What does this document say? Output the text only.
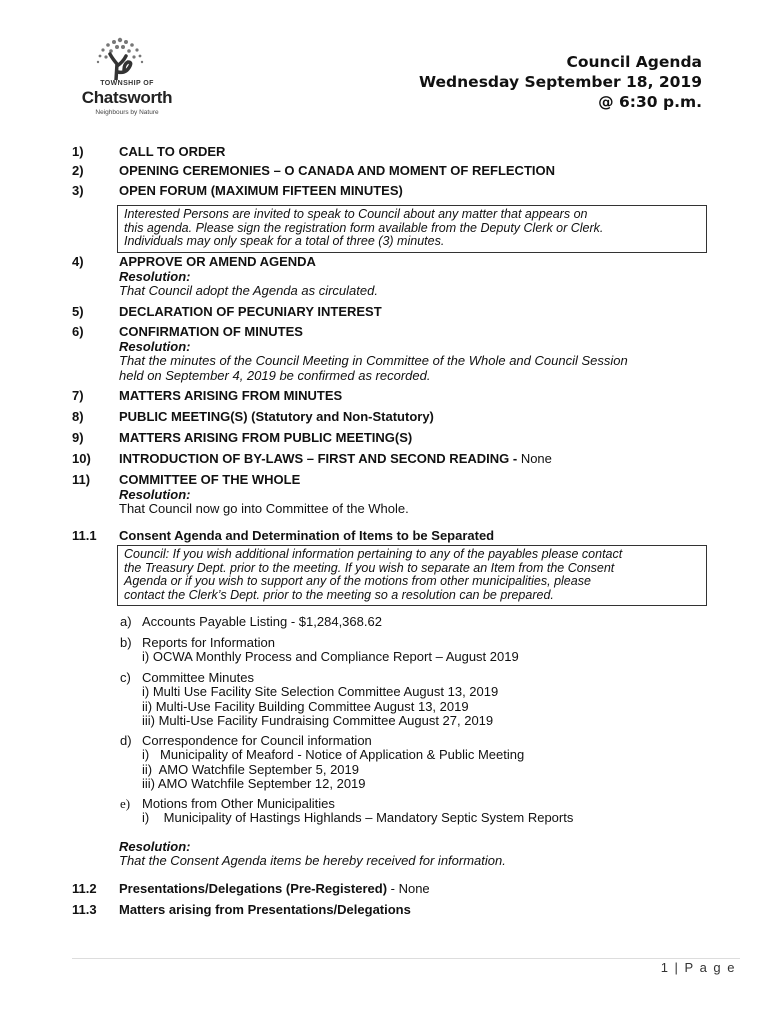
TOWNSHIP OF
Chatsworth
Neighbours by Nature
Council Agenda
Wednesday September 18, 2019
@ 6:30 p.m.
1)	CALL TO ORDER
2)	OPENING CEREMONIES – O CANADA AND MOMENT OF REFLECTION
3)	OPEN FORUM (MAXIMUM FIFTEEN MINUTES)
Interested Persons are invited to speak to Council about any matter that appears on
this agenda. Please sign the registration form available from the Deputy Clerk or Clerk.
Individuals may only speak for a total of three (3) minutes.
4)	APPROVE OR AMEND AGENDA
Resolution:
That Council adopt the Agenda as circulated.
5)	DECLARATION OF PECUNIARY INTEREST
6)	CONFIRMATION OF MINUTES
Resolution:
That the minutes of the Council Meeting in Committee of the Whole and Council Session
held on September 4, 2019 be confirmed as recorded.
7)	MATTERS ARISING FROM MINUTES
8)	PUBLIC MEETING(S) (Statutory and Non-Statutory)
9)	MATTERS ARISING FROM PUBLIC MEETING(S)
10) INTRODUCTION OF BY-LAWS – FIRST AND SECOND READING - None
11) COMMITTEE OF THE WHOLE
Resolution:
That Council now go into Committee of the Whole.
11.1 Consent Agenda and Determination of Items to be Separated
Council: If you wish additional information pertaining to any of the payables please contact
the Treasury Dept. prior to the meeting. If you wish to separate an Item from the Consent
Agenda or if you wish to support any of the motions from other municipalities, please
contact the Clerk’s Dept. prior to the meeting so a resolution can be prepared.
a) Accounts Payable Listing - $1,284,368.62
b) Reports for Information
i) OCWA Monthly Process and Compliance Report – August 2019
c) Committee Minutes
i) Multi Use Facility Site Selection Committee August 13, 2019
ii) Multi-Use Facility Building Committee August 13, 2019
iii) Multi-Use Facility Fundraising Committee August 27, 2019
d) Correspondence for Council information
i)   Municipality of Meaford - Notice of Application & Public Meeting
ii)  AMO Watchfile September 5, 2019
iii) AMO Watchfile September 12, 2019
e) Motions from Other Municipalities
i)    Municipality of Hastings Highlands – Mandatory Septic System Reports
Resolution:
That the Consent Agenda items be hereby received for information.
11.2 Presentations/Delegations (Pre-Registered) - None
11.3 Matters arising from Presentations/Delegations
1 | P a g e
